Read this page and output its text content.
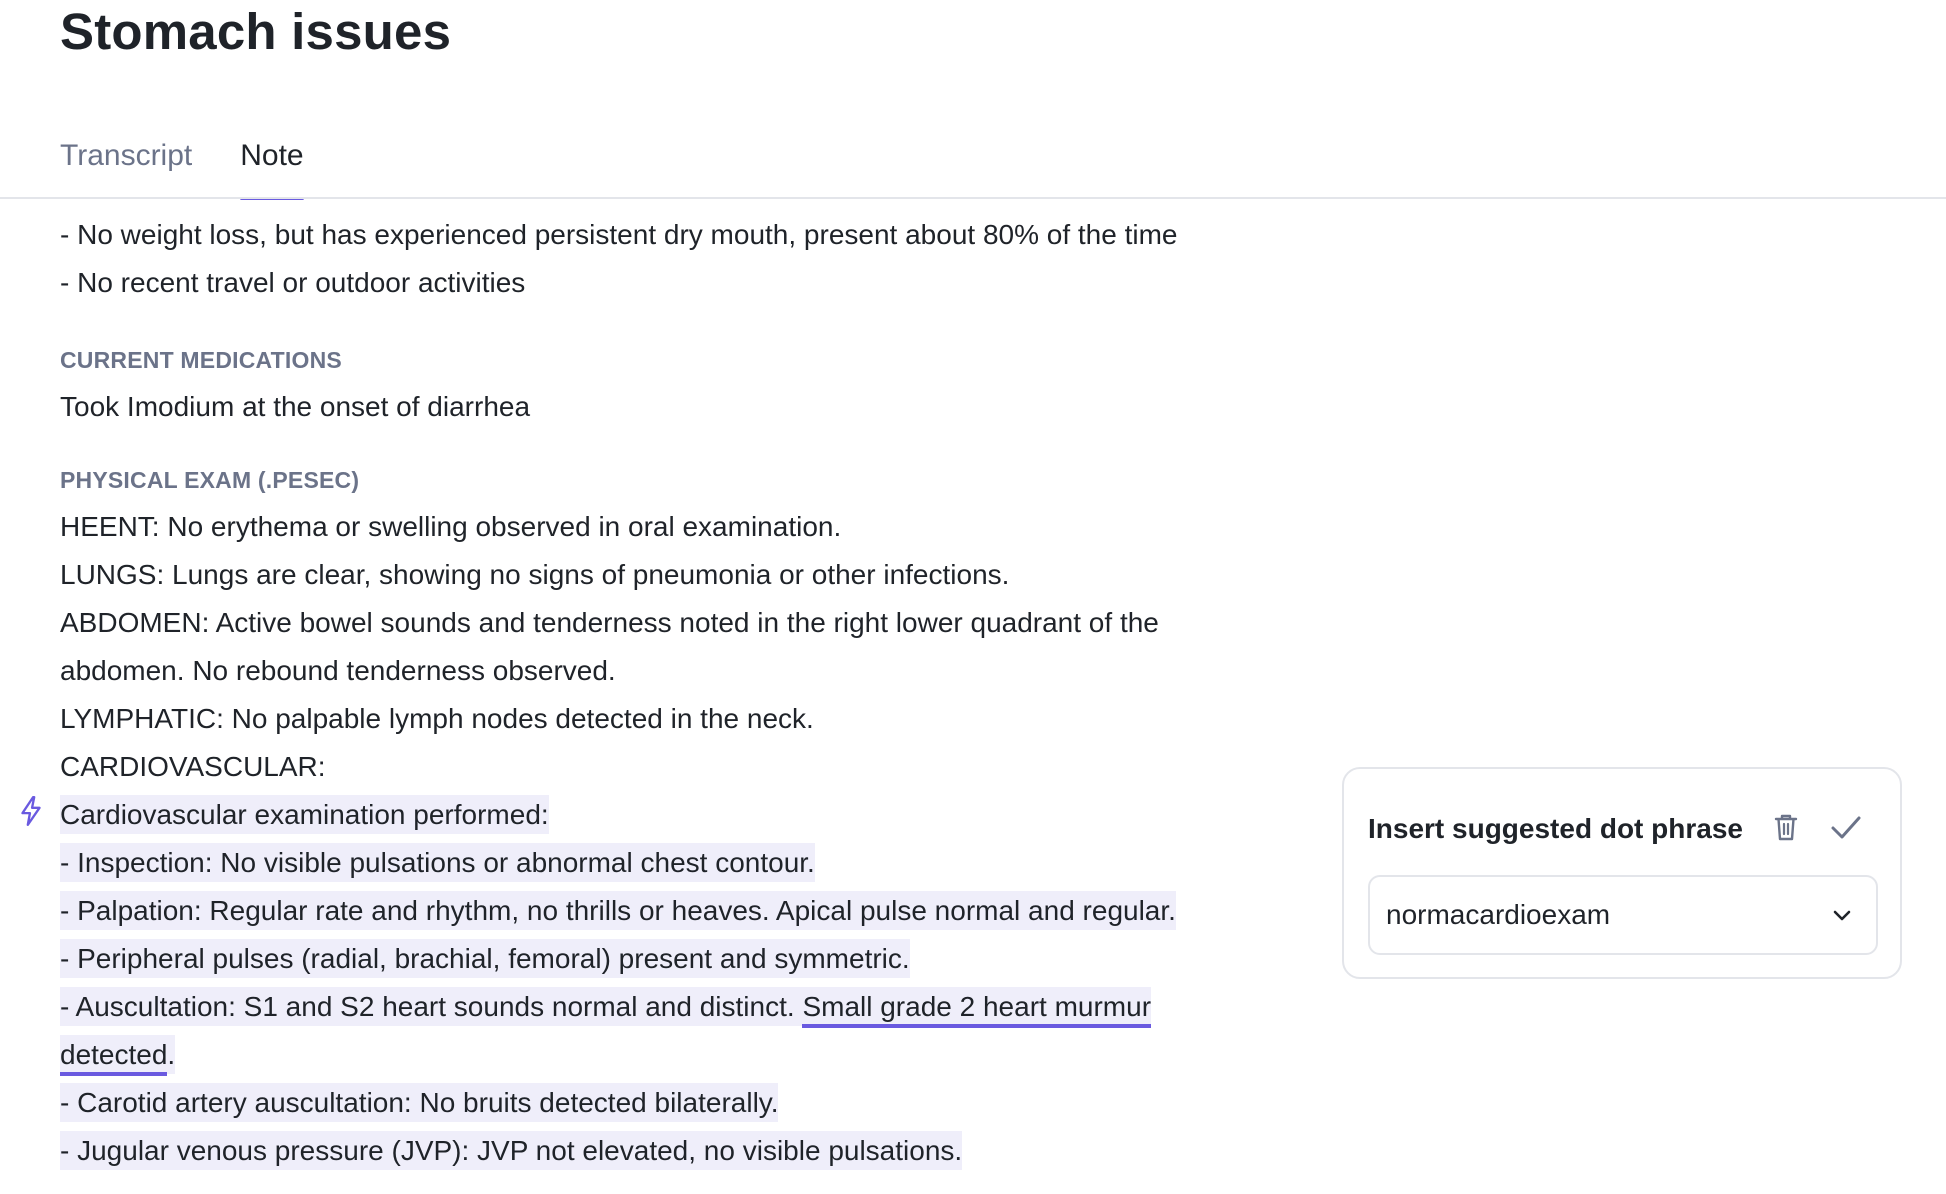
Stomach issues
Transcript Note
- No weight loss, but has experienced persistent dry mouth, present about 80% of the time
- No recent travel or outdoor activities
CURRENT MEDICATIONS
Took Imodium at the onset of diarrhea
PHYSICAL EXAM (.PESEC)
HEENT: No erythema or swelling observed in oral examination.
LUNGS: Lungs are clear, showing no signs of pneumonia or other infections.
ABDOMEN: Active bowel sounds and tenderness noted in the right lower quadrant of the
abdomen. No rebound tenderness observed.
LYMPHATIC: No palpable lymph nodes detected in the neck.
CARDIOVASCULAR:
Cardiovascular examination performed:
- Inspection: No visible pulsations or abnormal chest contour.
- Palpation: Regular rate and rhythm, no thrills or heaves. Apical pulse normal and regular.
- Peripheral pulses (radial, brachial, femoral) present and symmetric.
- Auscultation: S1 and S2 heart sounds normal and distinct. Small grade 2 heart murmur
detected.
- Carotid artery auscultation: No bruits detected bilaterally.
- Jugular venous pressure (JVP): JVP not elevated, no visible pulsations.
Insert suggested dot phrase
normacardioexam
